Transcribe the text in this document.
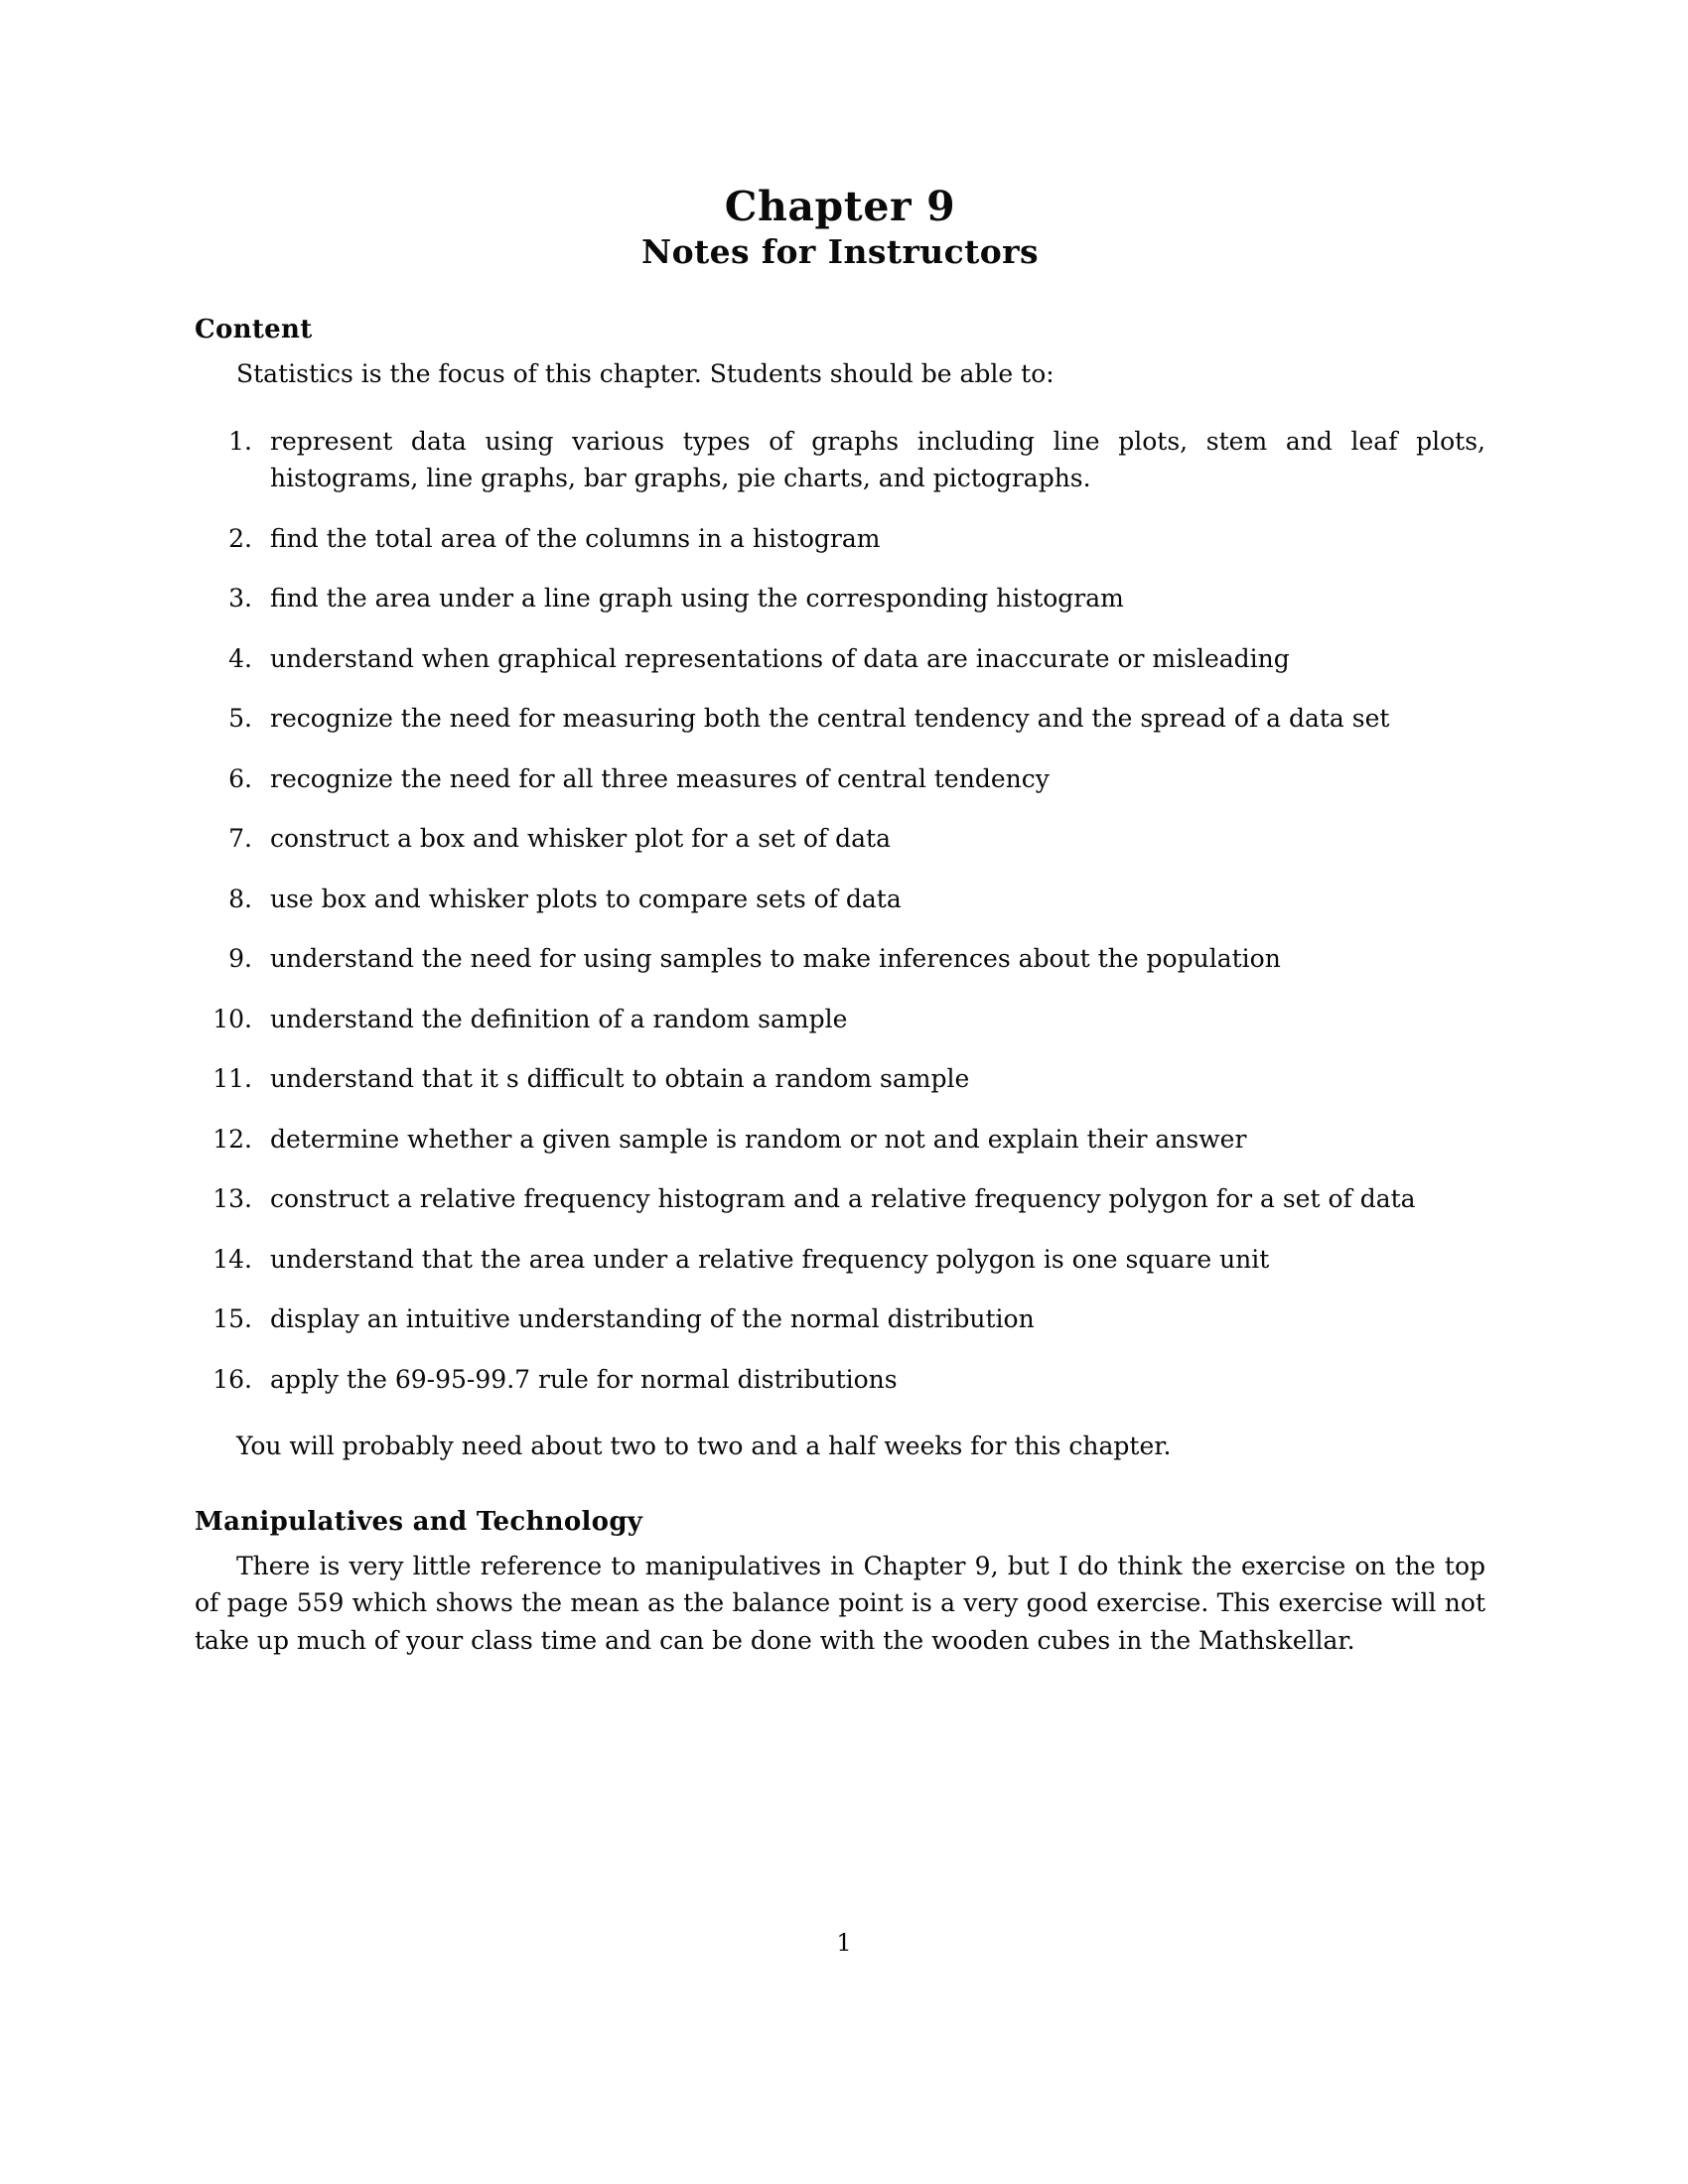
Chapter 9
Notes for Instructors
Content

Statistics is the focus of this chapter. Students should be able to:

1. represent data using various types of graphs including line plots, stem and leaf plots, histograms, line graphs, bar graphs, pie charts, and pictographs.
2. find the total area of the columns in a histogram
3. find the area under a line graph using the corresponding histogram
4. understand when graphical representations of data are inaccurate or misleading
5. recognize the need for measuring both the central tendency and the spread of a data set
6. recognize the need for all three measures of central tendency
7. construct a box and whisker plot for a set of data
8. use box and whisker plots to compare sets of data
9. understand the need for using samples to make inferences about the population
10. understand the definition of a random sample
11. understand that it s difficult to obtain a random sample
12. determine whether a given sample is random or not and explain their answer
13. construct a relative frequency histogram and a relative frequency polygon for a set of data
14. understand that the area under a relative frequency polygon is one square unit
15. display an intuitive understanding of the normal distribution
16. apply the 69-95-99.7 rule for normal distributions

You will probably need about two to two and a half weeks for this chapter.

Manipulatives and Technology

There is very little reference to manipulatives in Chapter 9, but I do think the exercise on the top of page 559 which shows the mean as the balance point is a very good exercise. This exercise will not take up much of your class time and can be done with the wooden cubes in the Mathskellar.

1
